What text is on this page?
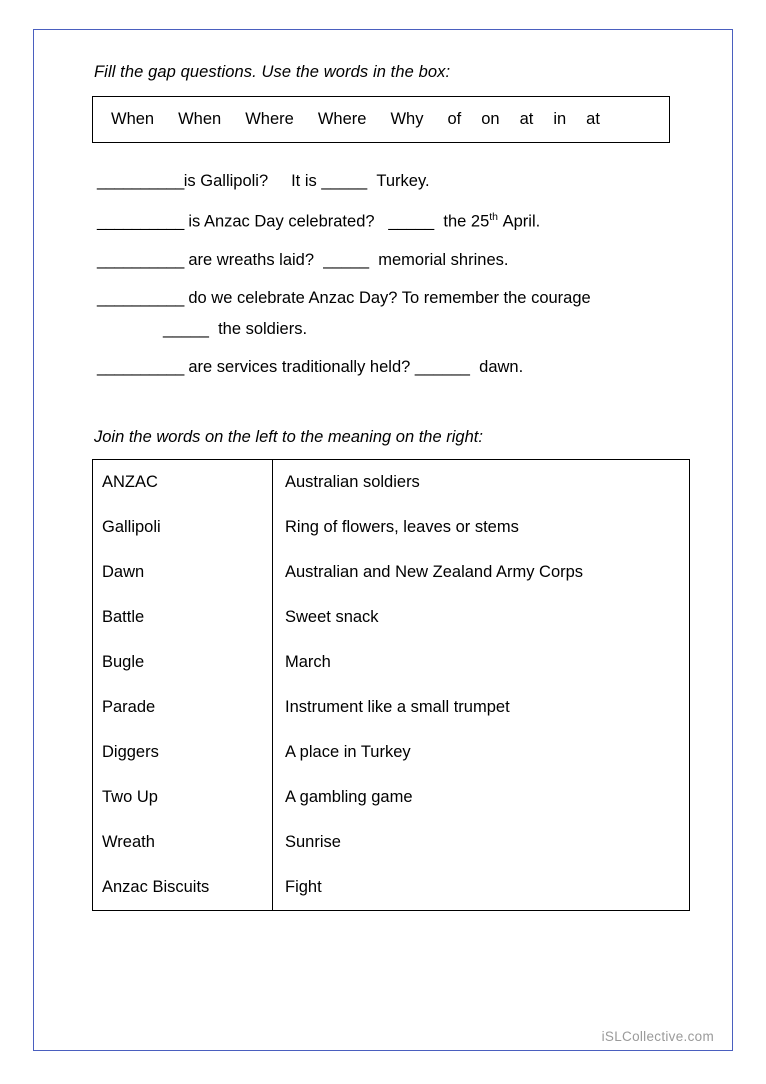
Fill the gap questions. Use the words in the box:

When When Where Where Why of on at in at
__________is Gallipoli? It is _____ Turkey.
__________ is Anzac Day celebrated? _____ the 25th April.
__________ are wreaths laid? _____ memorial shrines.
__________ do we celebrate Anzac Day? To remember the courage
_____ the soldiers.
__________ are services traditionally held? ______ dawn.

Join the words on the left to the meaning on the right:

ANZAC	Australian soldiers
Gallipoli	Ring of flowers, leaves or stems
Dawn	Australian and New Zealand Army Corps
Battle	Sweet snack
Bugle	March
Parade	Instrument like a small trumpet
Diggers	A place in Turkey
Two Up	A gambling game
Wreath	Sunrise
Anzac Biscuits	Fight
iSLCollective.com
